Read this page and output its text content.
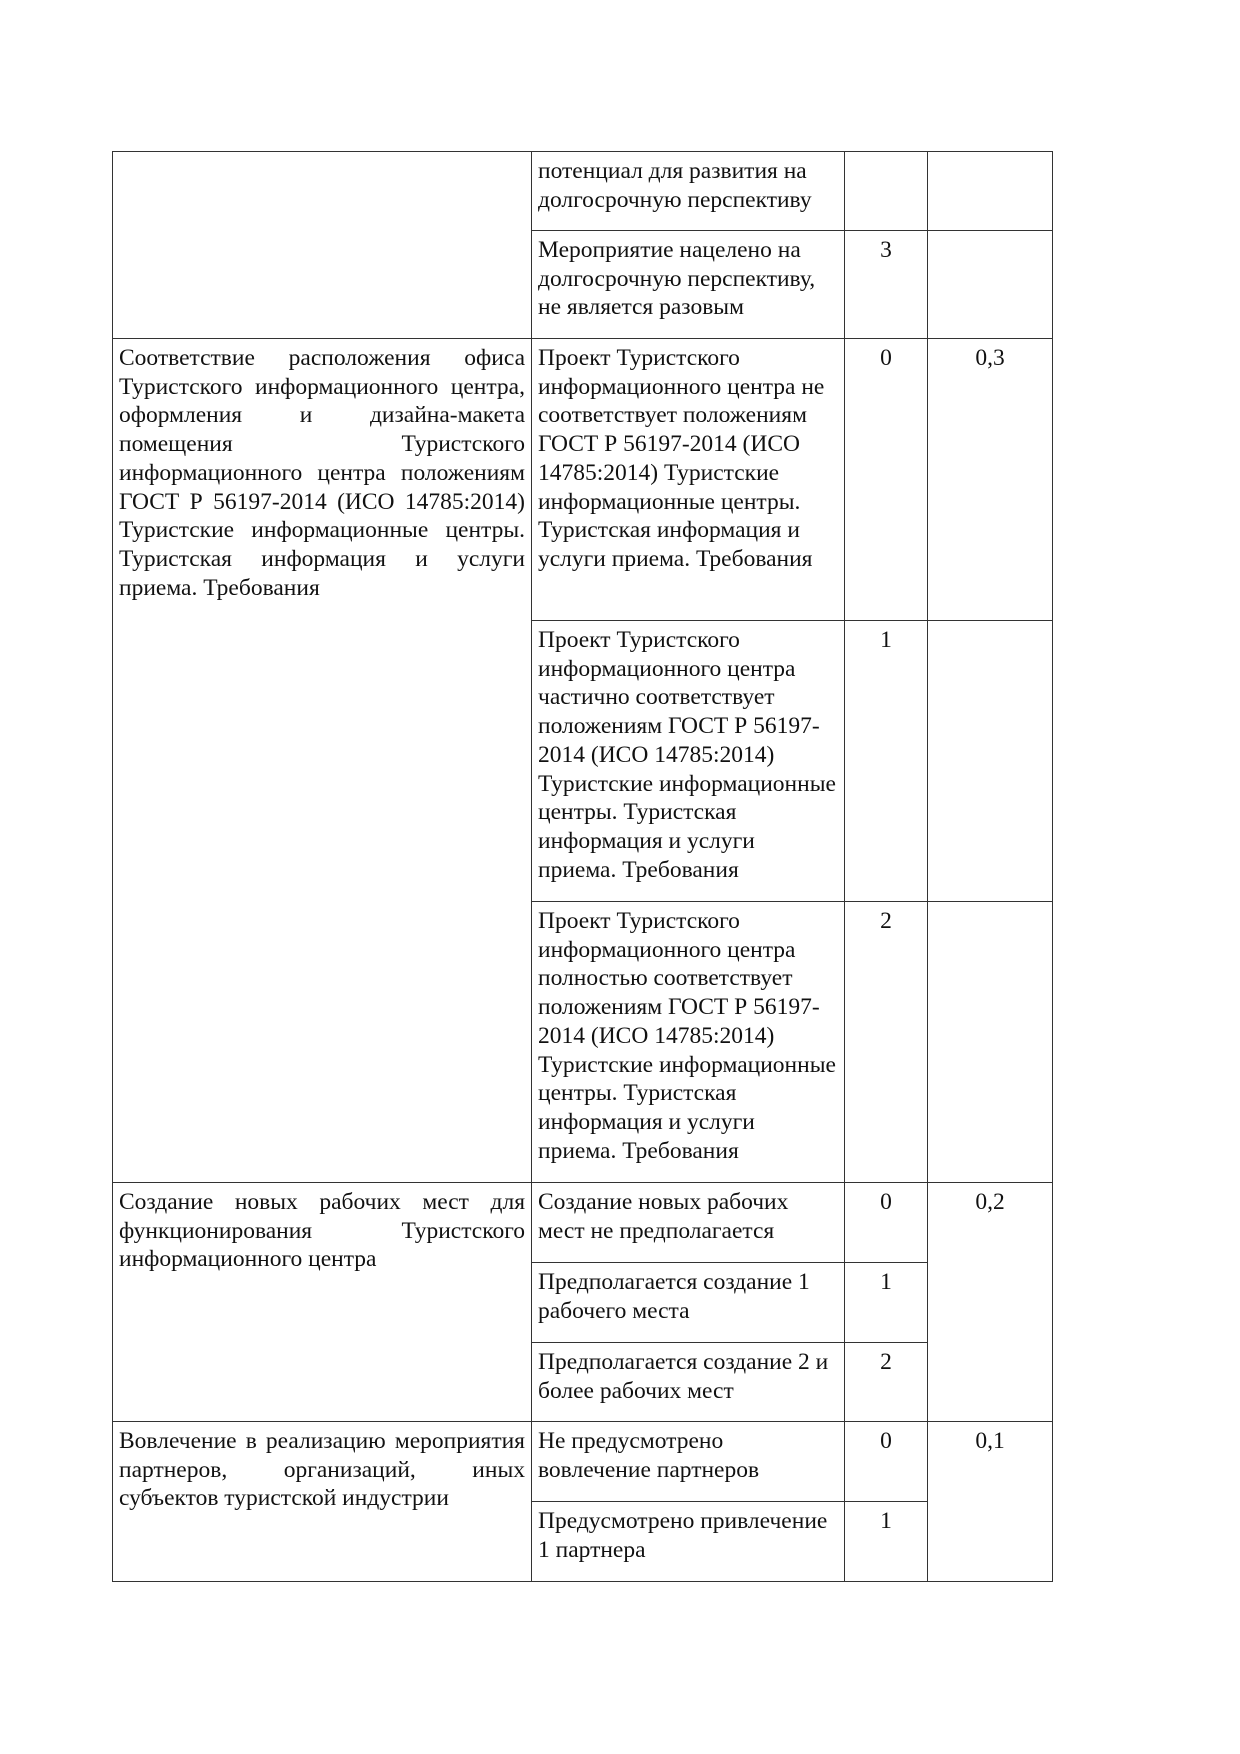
	потенциал для развития на долгосрочную перспективу		
	Мероприятие нацелено на долгосрочную перспективу, не является разовым	3	
Соответствие расположения офиса Туристского информационного центра, оформления и дизайна-макета помещения Туристского информационного центра положениям ГОСТ Р 56197-2014 (ИСО 14785:2014) Туристские информационные центры. Туристская информация и услуги приема. Требования	Проект Туристского информационного центра не соответствует положениям ГОСТ Р 56197-2014 (ИСО 14785:2014) Туристские информационные центры. Туристская информация и услуги приема. Требования	0	0,3
	Проект Туристского информационного центра частично соответствует положениям ГОСТ Р 56197-2014 (ИСО 14785:2014) Туристские информационные центры. Туристская информация и услуги приема. Требования	1	
	Проект Туристского информационного центра полностью соответствует положениям ГОСТ Р 56197-2014 (ИСО 14785:2014) Туристские информационные центры. Туристская информация и услуги приема. Требования	2	
Создание новых рабочих мест для функционирования Туристского информационного центра	Создание новых рабочих мест не предполагается	0	0,2
	Предполагается создание 1 рабочего места	1	
	Предполагается создание 2 и более рабочих мест	2	
Вовлечение в реализацию мероприятия партнеров, организаций, иных субъектов туристской индустрии	Не предусмотрено вовлечение партнеров	0	0,1
	Предусмотрено привлечение 1 партнера	1	
